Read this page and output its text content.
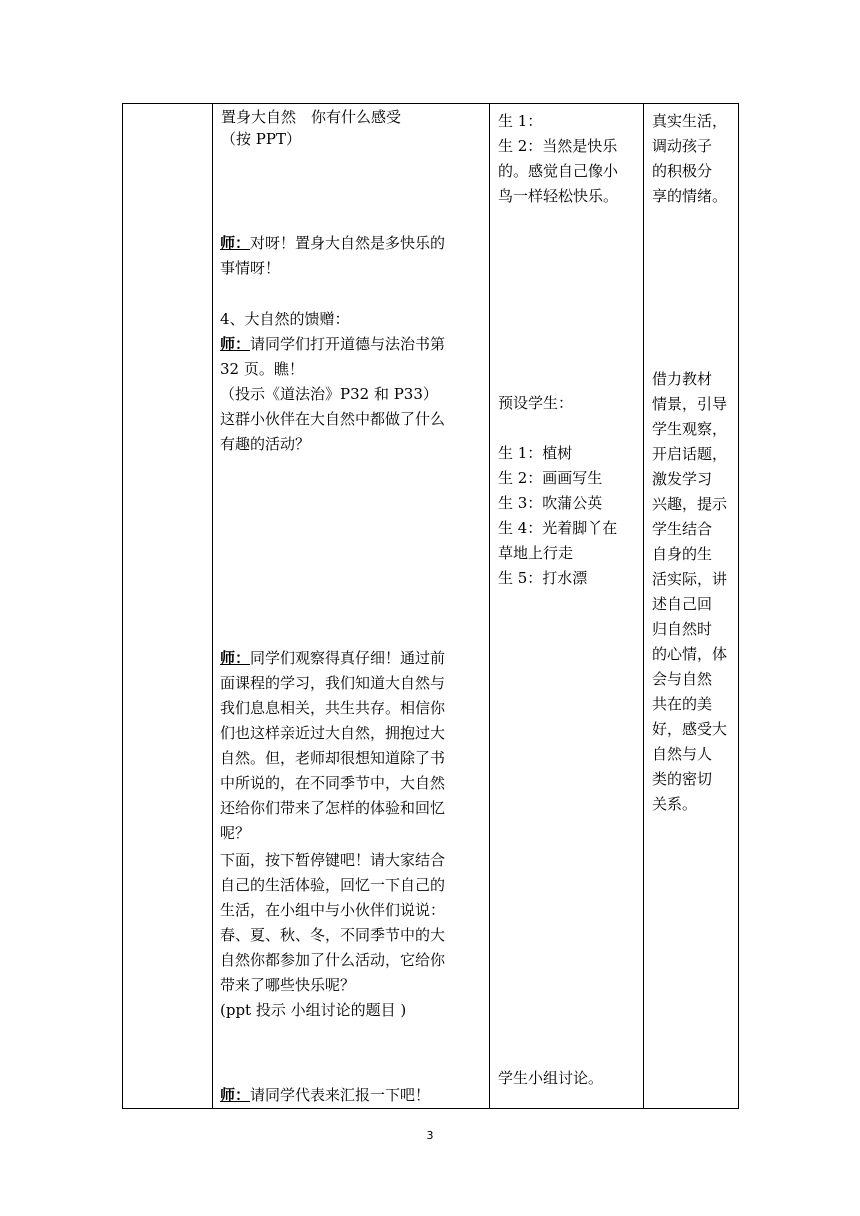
置身大自然　你有什么感受
（按 PPT）
师：对呀！置身大自然是多快乐的
事情呀！
4、大自然的馈赠：
师：请同学们打开道德与法治书第
32 页。瞧！
（投示《道法治》P32 和 P33）
这群小伙伴在大自然中都做了什么
有趣的活动？
师：同学们观察得真仔细！通过前
面课程的学习，我们知道大自然与
我们息息相关，共生共存。相信你
们也这样亲近过大自然，拥抱过大
自然。但，老师却很想知道除了书
中所说的，在不同季节中，大自然
还给你们带来了怎样的体验和回忆
呢？
下面，按下暂停键吧！请大家结合
自己的生活体验，回忆一下自己的
生活，在小组中与小伙伴们说说：
春、夏、秋、冬，不同季节中的大
自然你都参加了什么活动，它给你
带来了哪些快乐呢？
(ppt 投示 小组讨论的题目 )
师：请同学代表来汇报一下吧！
生 1：
生 2：当然是快乐
的。感觉自己像小
鸟一样轻松快乐。
预设学生：
生 1：植树
生 2：画画写生
生 3：吹蒲公英
生 4：光着脚丫在
草地上行走
生 5：打水漂
学生小组讨论。
真实生活，
调动孩子
的积极分
享的情绪。
借力教材
情景，引导
学生观察，
开启话题，
激发学习
兴趣，提示
学生结合
自身的生
活实际，讲
述自己回
归自然时
的心情，体
会与自然
共在的美
好，感受大
自然与人
类的密切
关系。
3
